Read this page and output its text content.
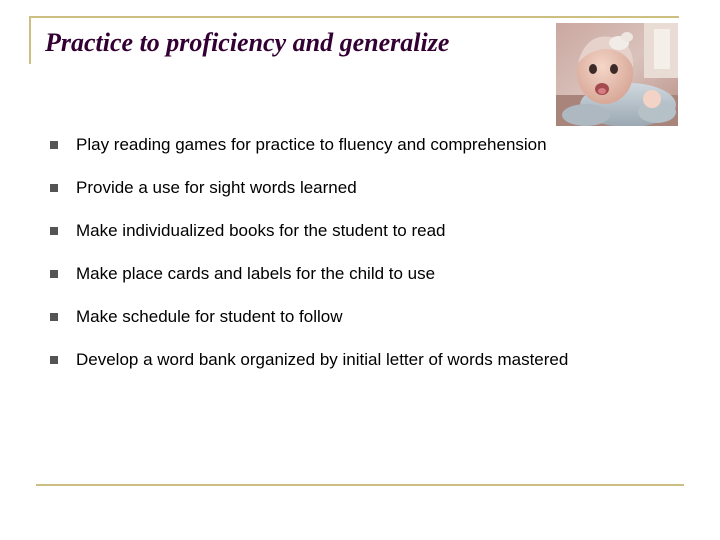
Practice to proficiency and generalize
Play reading games for practice to fluency and comprehension
Provide a use for sight words learned
Make individualized books for the student to read
Make place cards and labels for the child to use
Make schedule for student to follow
Develop a word bank organized by initial letter of words mastered
